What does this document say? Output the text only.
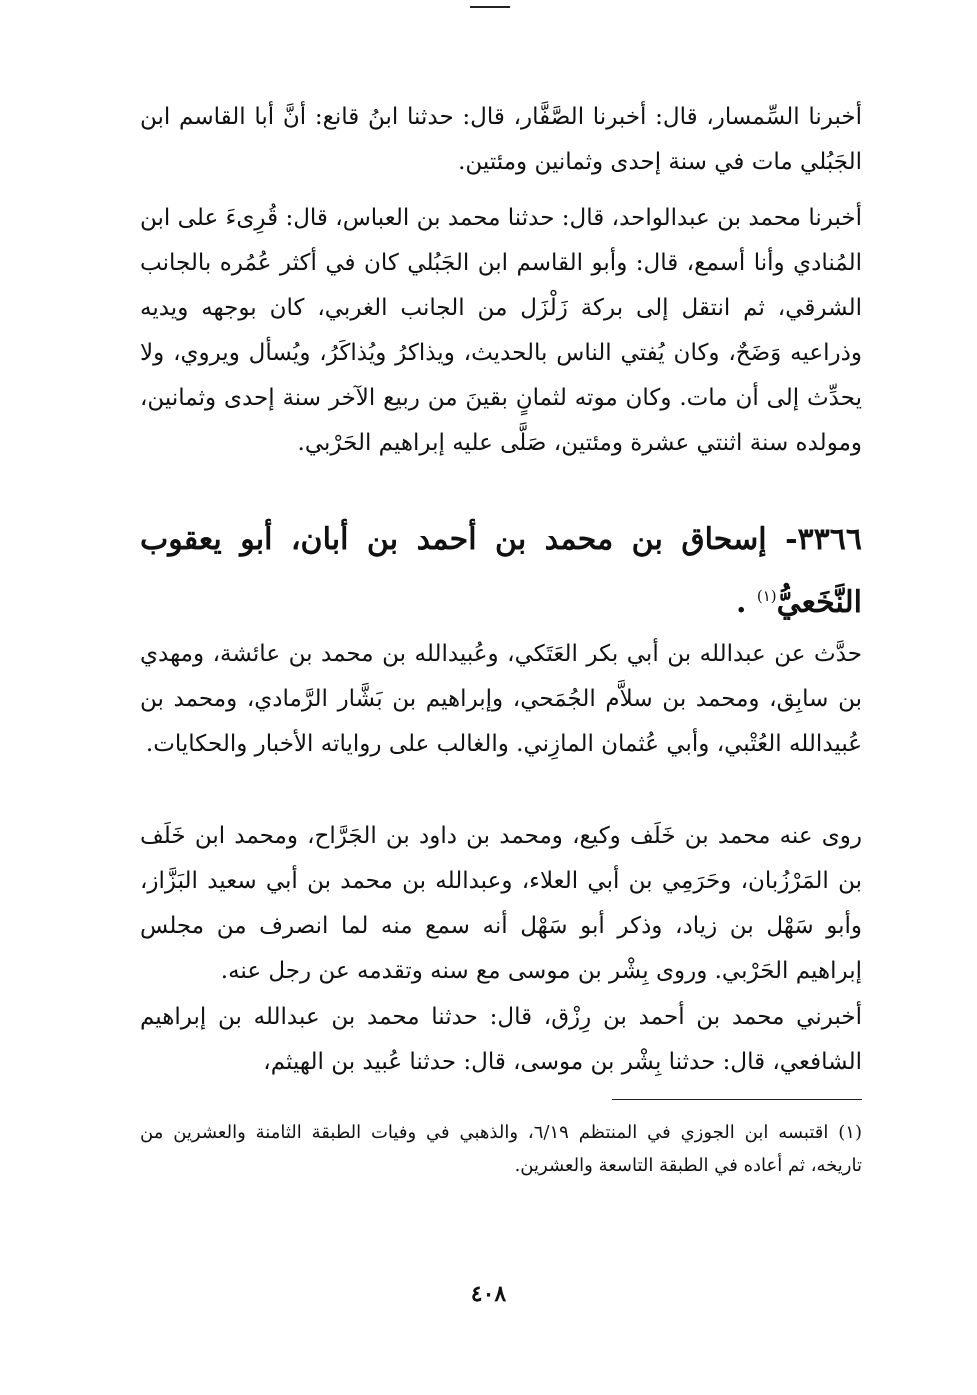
أخبرنا السِّمسار، قال: أخبرنا الصَّفَّار، قال: حدثنا ابنُ قانع: أنَّ أبا القاسم ابن الجَبُلي مات في سنة إحدى وثمانين ومئتين.

أخبرنا محمد بن عبدالواحد، قال: حدثنا محمد بن العباس، قال: قُرِىءَ على ابن المُنادي وأنا أسمع، قال: وأبو القاسم ابن الجَبُلي كان في أكثر عُمُره بالجانب الشرقي، ثم انتقل إلى بركة زَلْزَل من الجانب الغربي، كان بوجهه ويديه وذراعيه وَضَحٌ، وكان يُفتي الناس بالحديث، ويذاكرُ ويُذاكَرُ، ويُسأل ويروي، ولا يحدِّث إلى أن مات. وكان موته لثمانٍ بقينَ من ربيع الآخر سنة إحدى وثمانين، ومولده سنة اثنتي عشرة ومئتين، صَلَّى عليه إبراهيم الحَرْبي.

٣٣٦٦- إسحاق بن محمد بن أحمد بن أبان، أبو يعقوب النَّخَعيُّ$^{(١)}$ .

حدَّث عن عبدالله بن أبي بكر العَتَكي، وعُبيدالله بن محمد بن عائشة، ومهدي بن سابِق، ومحمد بن سلاَّم الجُمَحي، وإبراهيم بن بَشَّار الرَّمادي، ومحمد بن عُبيدالله العُتْبي، وأبي عُثمان المازِني. والغالب على رواياته الأخبار والحكايات.

روى عنه محمد بن خَلَف وكيع، ومحمد بن داود بن الجَرَّاح، ومحمد ابن خَلَف بن المَرْزُبان، وحَرَمِي بن أبي العلاء، وعبدالله بن محمد بن أبي سعيد البَزَّاز، وأبو سَهْل بن زياد، وذكر أبو سَهْل أنه سمع منه لما انصرف من مجلس إبراهيم الحَرْبي. وروى بِشْر بن موسى مع سنه وتقدمه عن رجل عنه.

أخبرني محمد بن أحمد بن رِزْق، قال: حدثنا محمد بن عبدالله بن إبراهيم الشافعي، قال: حدثنا بِشْر بن موسى، قال: حدثنا عُبيد بن الهيثم،

(١) اقتبسه ابن الجوزي في المنتظم ٦/١٩، والذهبي في وفيات الطبقة الثامنة والعشرين من تاريخه، ثم أعاده في الطبقة التاسعة والعشرين.

٤٠٨
